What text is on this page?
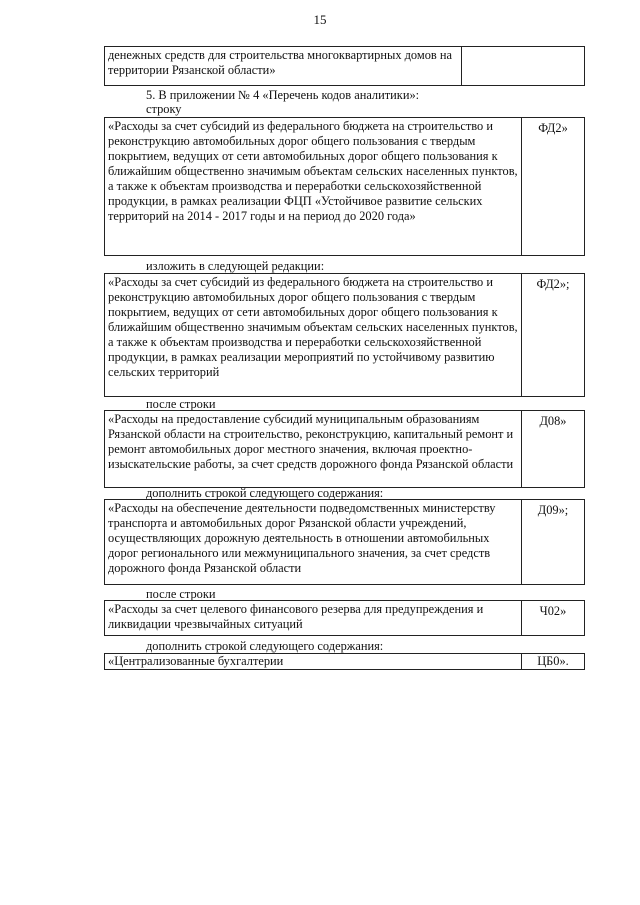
15
денежных средств для строительства многоквартирных домов на территории Рязанской области»	
5. В приложении № 4 «Перечень кодов аналитики»:
строку
«Расходы за счет субсидий из федерального бюджета на строительство и реконструкцию автомобильных дорог общего пользования с твердым покрытием, ведущих от сети автомобильных дорог общего пользования к ближайшим общественно значимым объектам сельских населенных пунктов, а также к объектам производства и переработки сельскохозяйственной продукции, в рамках реализации ФЦП «Устойчивое развитие сельских территорий на 2014 - 2017 годы и на период до 2020 года»	ФД2»
изложить в следующей редакции:
«Расходы за счет субсидий из федерального бюджета на строительство и реконструкцию автомобильных дорог общего пользования с твердым покрытием, ведущих от сети автомобильных дорог общего пользования к ближайшим общественно значимым объектам сельских населенных пунктов, а также к объектам производства и переработки сельскохозяйственной продукции, в рамках реализации мероприятий по устойчивому развитию сельских территорий	ФД2»;
после строки
«Расходы на предоставление субсидий муниципальным образованиям Рязанской области на строительство, реконструкцию, капитальный ремонт и ремонт автомобильных дорог местного значения, включая проектно-изыскательские работы, за счет средств дорожного фонда Рязанской области	Д08»
дополнить строкой следующего содержания:
«Расходы на обеспечение деятельности подведомственных министерству транспорта и автомобильных дорог Рязанской области учреждений, осуществляющих дорожную деятельность в отношении автомобильных дорог регионального или межмуниципального значения, за счет средств дорожного фонда Рязанской области	Д09»;
после строки
«Расходы за счет целевого финансового резерва для предупреждения и ликвидации чрезвычайных ситуаций	Ч02»
дополнить строкой следующего содержания:
«Централизованные бухгалтерии	ЦБ0».
